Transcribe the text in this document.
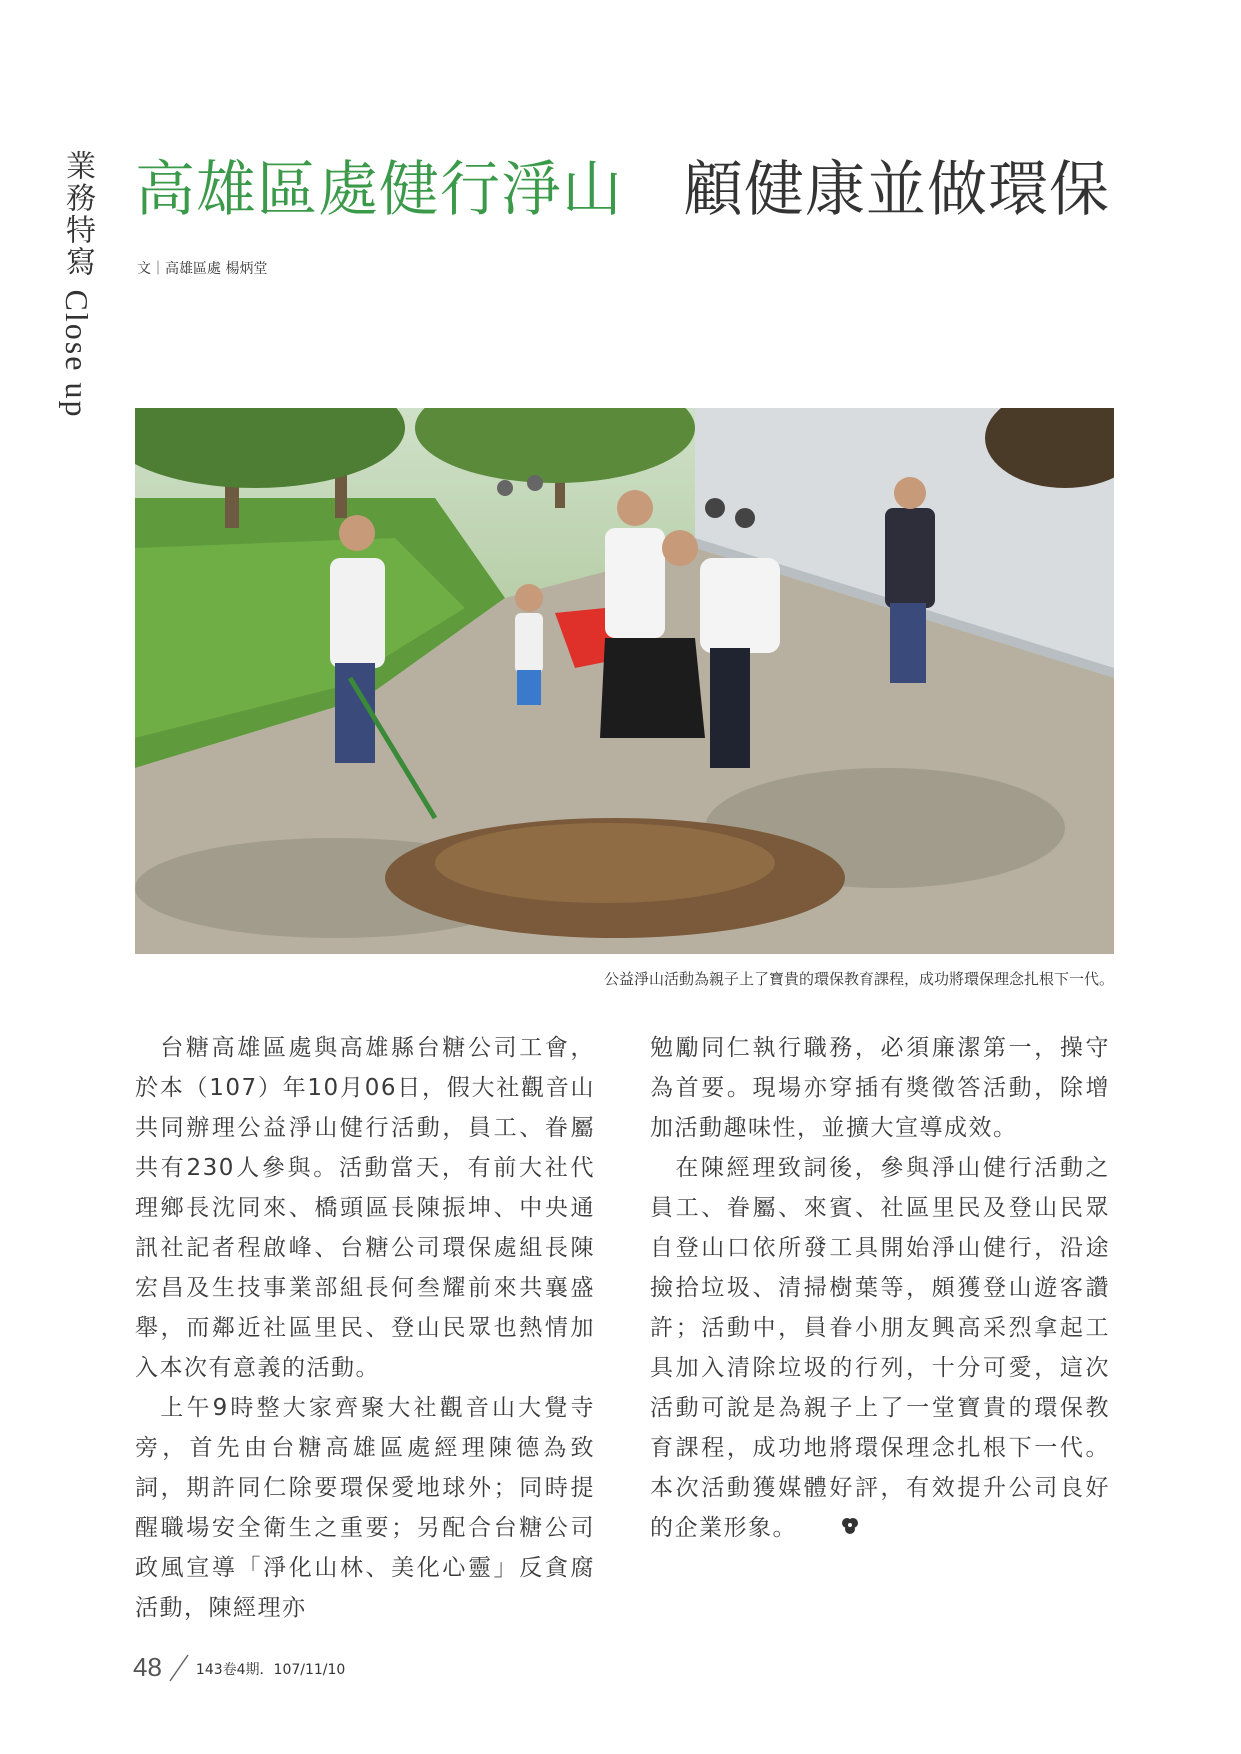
業務特寫 Close up
高雄區處健行淨山 顧健康並做環保
文｜高雄區處 楊炳堂
公益淨山活動為親子上了寶貴的環保教育課程，成功將環保理念扎根下一代。

台糖高雄區處與高雄縣台糖公司工會，於本（107）年10月06日，假大社觀音山共同辦理公益淨山健行活動，員工、眷屬共有230人參與。活動當天，有前大社代理鄉長沈同來、橋頭區長陳振坤、中央通訊社記者程啟峰、台糖公司環保處組長陳宏昌及生技事業部組長何叁耀前來共襄盛舉，而鄰近社區里民、登山民眾也熱情加入本次有意義的活動。

上午9時整大家齊聚大社觀音山大覺寺旁，首先由台糖高雄區處經理陳德為致詞，期許同仁除要環保愛地球外；同時提醒職場安全衛生之重要；另配合台糖公司政風宣導「淨化山林、美化心靈」反貪腐活動，陳經理亦

勉勵同仁執行職務，必須廉潔第一，操守為首要。現場亦穿插有獎徵答活動，除增加活動趣味性，並擴大宣導成效。

在陳經理致詞後，參與淨山健行活動之員工、眷屬、來賓、社區里民及登山民眾自登山口依所發工具開始淨山健行，沿途撿拾垃圾、清掃樹葉等，頗獲登山遊客讚許；活動中，員眷小朋友興高采烈拿起工具加入清除垃圾的行列，十分可愛，這次活動可說是為親子上了一堂寶貴的環保教育課程，成功地將環保理念扎根下一代。本次活動獲媒體好評，有效提升公司良好的企業形象。

48 143卷4期．107/11/10
